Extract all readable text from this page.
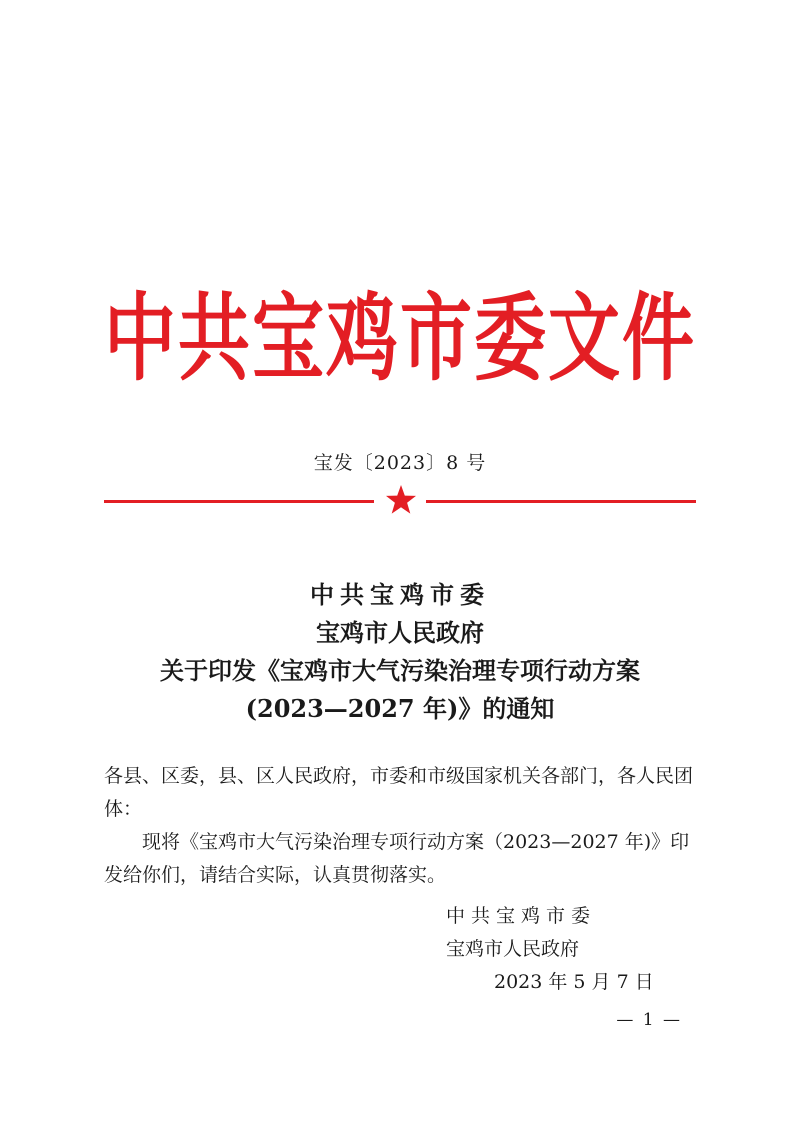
中共宝鸡市委文件
宝发〔2023〕8 号
中共宝鸡市委
宝鸡市人民政府
关于印发《宝鸡市大气污染治理专项行动方案
(2023—2027 年)》的通知

各县、区委，县、区人民政府，市委和市级国家机关各部门，各人民团体：

现将《宝鸡市大气污染治理专项行动方案（2023—2027 年)》印发给你们，请结合实际，认真贯彻落实。

中共宝鸡市委
宝鸡市人民政府
2023 年 5 月 7 日
— 1 —
